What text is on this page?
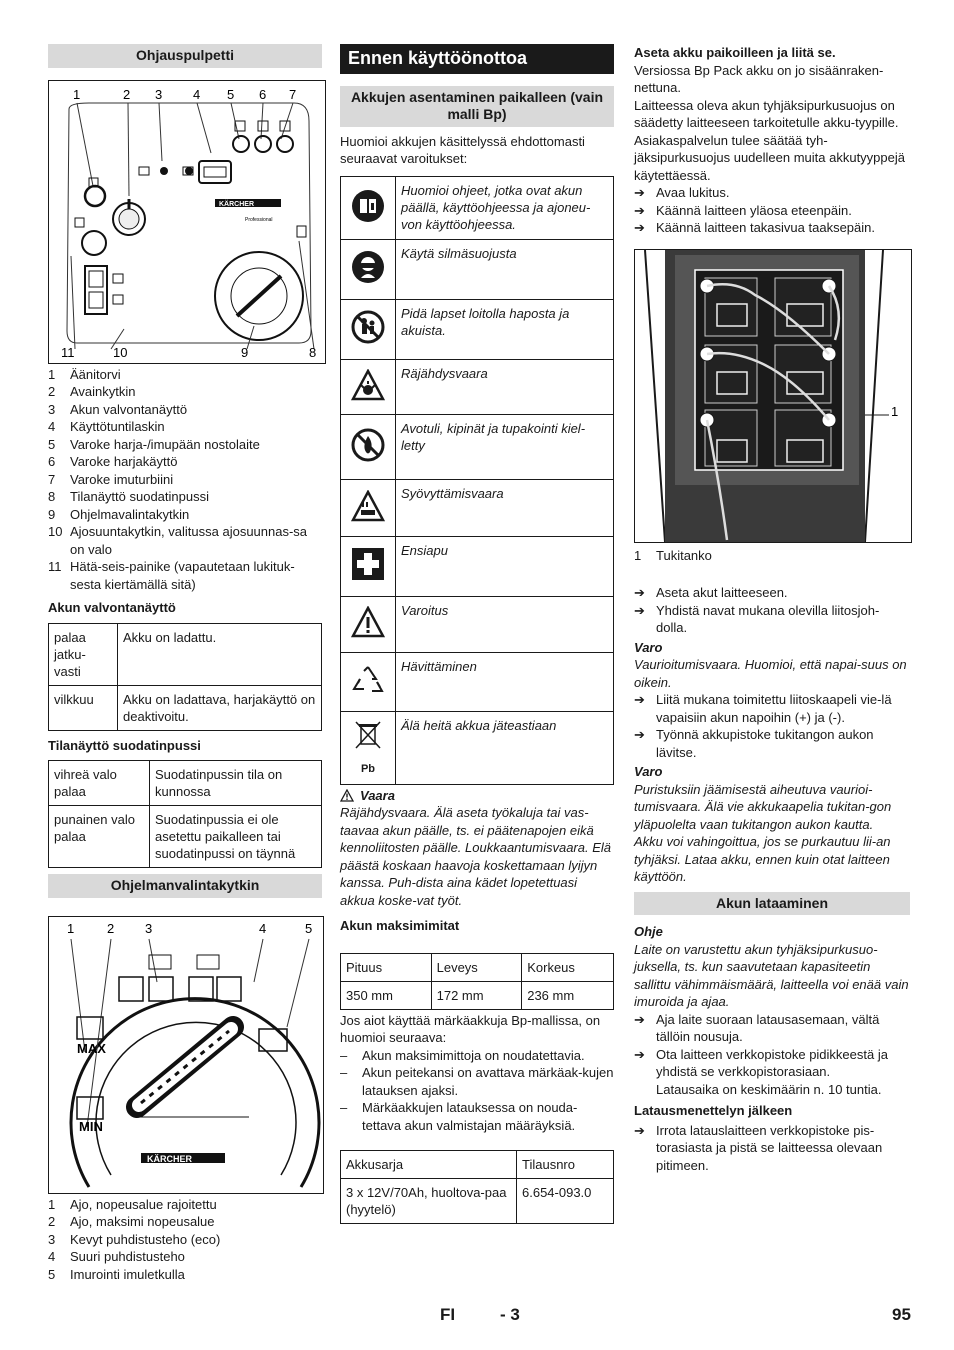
Ohjauspulpetti
1	2 3 4 5 6 7
KÄRCHER
Professional
11	10	9	8
1	Äänitorvi
2	Avainkytkin
3	Akun valvontanäyttö
4	Käyttötuntilaskin
5	Varoke harja-/imupään nostolaite
6	Varoke harjakäyttö
7	Varoke imuturbiini
8	Tilanäyttö suodatinpussi
9	Ohjelmavalintakytkin
10 Ajosuuntakytkin, valitussa ajosuunnas-sa on valo
11 Hätä-seis-painike (vapautetaan lukituk-sesta kiertämällä sitä)
Akun valvontanäyttö
palaa jatku-vasti	Akku on ladattu.
vilkkuu	Akku on ladattava, harjakäyttö on deaktivoitu.
Tilanäyttö suodatinpussi
vihreä valo palaa	Suodatinpussin tila on kunnossa
punainen valo palaa	Suodatinpussia ei ole asetettu paikalleen tai suodatinpussi on täynnä
Ohjelmanvalintakytkin
1	2 3	4	5
MAX
MIN
KÄRCHER
1	Ajo, nopeusalue rajoitettu
2	Ajo, maksimi nopeusalue
3	Kevyt puhdistusteho (eco)
4	Suuri puhdistusteho
5	Imurointi imuletkulla
Ennen käyttöönottoa
Akkujen asentaminen paikalleen (vain malli Bp)

Huomioi akkujen käsittelyssä ehdottomasti seuraavat varoitukset:

	Huomioi ohjeet, jotka ovat akun päällä, käyttöohjeessa ja ajoneu-von käyttöohjeessa.
	Käytä silmäsuojusta
	Pidä lapset loitolla haposta ja akuista.
	Räjähdysvaara
	Avotuli, kipinät ja tupakointi kiel-letty
	Syövyttämisvaara
	Ensiapu
	Varoitus
	Hävittäminen

Pb	Älä heitä akkua jäteastiaan
Vaara

Räjähdysvaara. Älä aseta työkaluja tai vas-taavaa akun päälle, ts. ei päätenapojen eikä kennoliitosten päälle. Loukkaantumisvaara. Elä päästä koskaan haavoja koskettamaan lyijyn kanssa. Puh-dista aina kädet lopetettuasi akkua koske-vat työt.

Akun maksimimitat
Pituus	Leveys	Korkeus
350 mm	172 mm	236 mm

Jos aiot käyttää märkäakkuja Bp-mallissa, on huomioi seuraava:

–	Akun maksimimittoja on noudatettavia.
–	Akun peitekansi on avattava märkäak-kujen latauksen ajaksi.
–	Märkäakkujen latauksessa on nouda-tettava akun valmistajan määräyksiä.
Akkusarja	Tilausnro
3 x 12V/70Ah, huoltova-paa (hyytelö)	6.654-093.0
Aseta akku paikoilleen ja liitä se.

Versiossa Bp Pack akku on jo sisäänraken-nettuna.

Laitteessa oleva akun tyhjäksipurkusuojus on säädetty laitteeseen tarkoitetulle akku-tyypille. Asiakaspalvelun tulee säätää tyh-jäksipurkusuojus uudelleen muita akkutyyppejä käytettäessä.

➔ Avaa lukitus.
➔ Käännä laitteen yläosa eteenpäin.
➔ Käännä laitteen takasivua taaksepäin.
1
1	Tukitanko
➔ Aseta akut laitteeseen.
➔ Yhdistä navat mukana olevilla liitosjoh-dolla.
Varo

Vaurioitumisvaara. Huomioi, että napai-suus on oikein.

➔ Liitä mukana toimitettu liitoskaapeli vie-lä vapaisiin akun napoihin (+) ja (-).
➔ Työnnä akkupistoke tukitangon aukon lävitse.
Varo

Puristuksiin jäämisestä aiheutuva vaurioi-tumisvaara. Älä vie akkukaapelia tukitan-gon yläpuolelta vaan tukitangon aukon kautta.

Akku voi vahingoittua, jos se purkautuu lii-an tyhjäksi. Lataa akku, ennen kuin otat laitteen käyttöön.

Akun lataaminen
Ohje

Laite on varustettu akun tyhjäksipurkusuo-juksella, ts. kun saavutetaan kapasiteetin sallittu vähimmäismäärä, laitteella voi enää vain imuroida ja ajaa.

➔ Aja laite suoraan latausasemaan, vältä tällöin nousuja.
➔ Ota laitteen verkkopistoke pidikkeestä ja yhdistä se verkkopistorasiaan.
Latausaika on keskimäärin n. 10 tuntia.
Latausmenettelyn jälkeen
➔ Irrota latauslaitteen verkkopistoke pis-torasiasta ja pistä se laitteessa olevaan pitimeen.
FI	- 3	95
